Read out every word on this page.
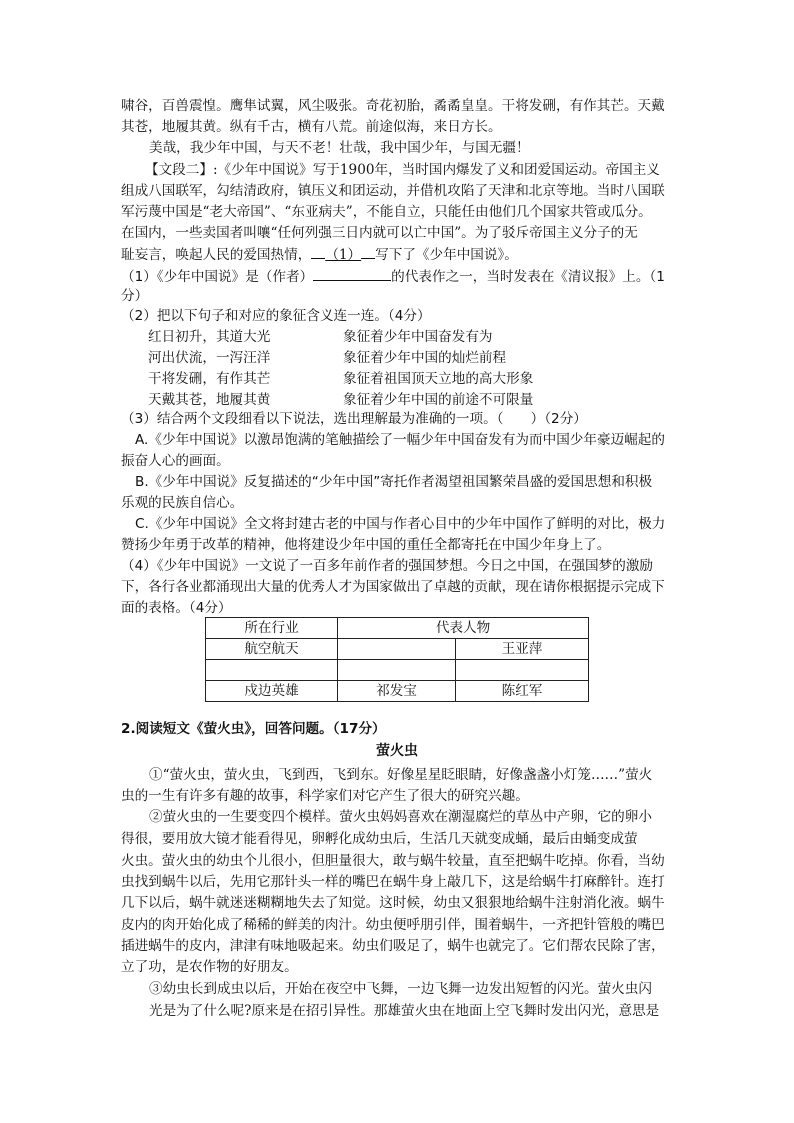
啸谷，百兽震惶。鹰隼试翼，风尘吸张。奇花初胎，矞矞皇皇。干将发硎，有作其芒。天戴
其苍，地履其黄。纵有千古，横有八荒。前途似海，来日方长。
美哉，我少年中国，与天不老！壮哉，我中国少年，与国无疆！
【文段二】:《少年中国说》写于1900年，当时国内爆发了义和团爱国运动。帝国主义
组成八国联军，勾结清政府，镇压义和团运动，并借机攻陷了天津和北京等地。当时八国联
军污蔑中国是“老大帝国”、“东亚病夫”，不能自立，只能任由他们几个国家共管或瓜分。
在国内，一些卖国者叫嚷“任何列强三日内就可以亡中国”。为了驳斥帝国主义分子的无
耻妄言，唤起人民的爱国热情， （1） 写下了《少年中国说》。
（1）《少年中国说》是（作者）	的代表作之一，当时发表在《清议报》上。（1
分）
（2）把以下句子和对应的象征含义连一连。（4分）
红日初升，其道大光	象征着少年中国奋发有为
河出伏流，一泻汪洋	象征着少年中国的灿烂前程
干将发硎，有作其芒	象征着祖国顶天立地的高大形象
天戴其苍，地履其黄	象征着少年中国的前途不可限量
（3）结合两个文段细看以下说法，选出理解最为准确的一项。（　　）（2分）
A.《少年中国说》以激昂饱满的笔触描绘了一幅少年中国奋发有为而中国少年豪迈崛起的
振奋人心的画面。
B.《少年中国说》反复描述的“少年中国”寄托作者渴望祖国繁荣昌盛的爱国思想和积极
乐观的民族自信心。
C.《少年中国说》全文将封建古老的中国与作者心目中的少年中国作了鲜明的对比，极力
赞扬少年勇于改革的精神，他将建设少年中国的重任全都寄托在中国少年身上了。
（4）《少年中国说》一文说了一百多年前作者的强国梦想。今日之中国，在强国梦的激励
下，各行各业都涌现出大量的优秀人才为国家做出了卓越的贡献，现在请你根据提示完成下
面的表格。（4分）
所在行业	代表人物	
航空航天		王亚萍

戍边英雄	祁发宝	陈红军
2.阅读短文《萤火虫》，回答问题。（17分）
萤火虫
①“萤火虫，萤火虫，飞到西，飞到东。好像星星眨眼睛，好像盏盏小灯笼……”萤火
虫的一生有许多有趣的故事，科学家们对它产生了很大的研究兴趣。
②萤火虫的一生要变四个模样。萤火虫妈妈喜欢在潮湿腐烂的草丛中产卵，它的卵小
得很，要用放大镜才能看得见，卵孵化成幼虫后，生活几天就变成蛹，最后由蛹变成萤
火虫。萤火虫的幼虫个儿很小，但胆量很大，敢与蜗牛较量，直至把蜗牛吃掉。你看，当幼
虫找到蜗牛以后，先用它那针头一样的嘴巴在蜗牛身上敲几下，这是给蜗牛打麻醉针。连打
几下以后，蜗牛就迷迷糊糊地失去了知觉。这时候，幼虫又狠狠地给蜗牛注射消化液。蜗牛
皮内的肉开始化成了稀稀的鲜美的肉汁。幼虫便呼朋引伴，围着蜗牛，一齐把针管般的嘴巴
插进蜗牛的皮内，津津有味地吸起来。幼虫们吸足了，蜗牛也就完了。它们帮农民除了害，
立了功，是农作物的好朋友。
③幼虫长到成虫以后，开始在夜空中飞舞，一边飞舞一边发出短暂的闪光。萤火虫闪
光是为了什么呢?原来是在招引异性。那雄萤火虫在地面上空飞舞时发出闪光，意思是
